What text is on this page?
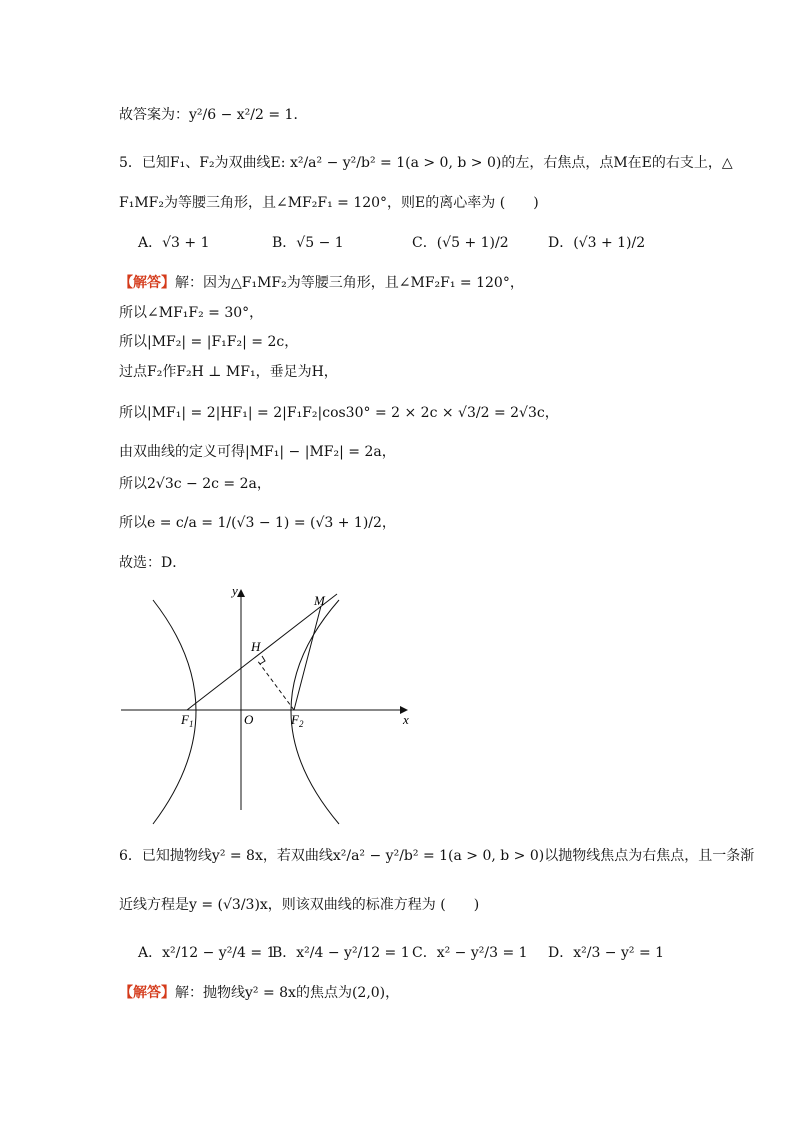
故答案为：y²/6 − x²/2 = 1．
5．已知F₁、F₂为双曲线E: x²/a² − y²/b² = 1(a > 0, b > 0)的左，右焦点，点M在E的右支上，△
F₁MF₂为等腰三角形，且∠MF₂F₁ = 120°，则E的离心率为 (　　)
A．√3 + 1	B．√5 − 1	C．(√5 + 1)/2	D．(√3 + 1)/2
【解答】解：因为△F₁MF₂为等腰三角形，且∠MF₂F₁ = 120°，
所以∠MF₁F₂ = 30°，
所以|MF₂| = |F₁F₂| = 2c，
过点F₂作F₂H ⊥ MF₁，垂足为H，
所以|MF₁| = 2|HF₁| = 2|F₁F₂|cos30° = 2 × 2c × √3/2 = 2√3c，
由双曲线的定义可得|MF₁| − |MF₂| = 2a，
所以2√3c − 2c = 2a，
所以e = c/a = 1/(√3 − 1) = (√3 + 1)/2，
故选：D．
y
x
M
H
O
$F_1$	$F_2$
6．已知抛物线y² = 8x，若双曲线x²/a² − y²/b² = 1(a > 0, b > 0)以抛物线焦点为右焦点，且一条渐
近线方程是y = (√3/3)x，则该双曲线的标准方程为 (　　)
A．x²/12 − y²/4 = 1
B．x²/4 − y²/12 = 1 C．x² − y²/3 = 1 D．x²/3 − y² = 1
【解答】解：抛物线y² = 8x的焦点为(2,0)，
